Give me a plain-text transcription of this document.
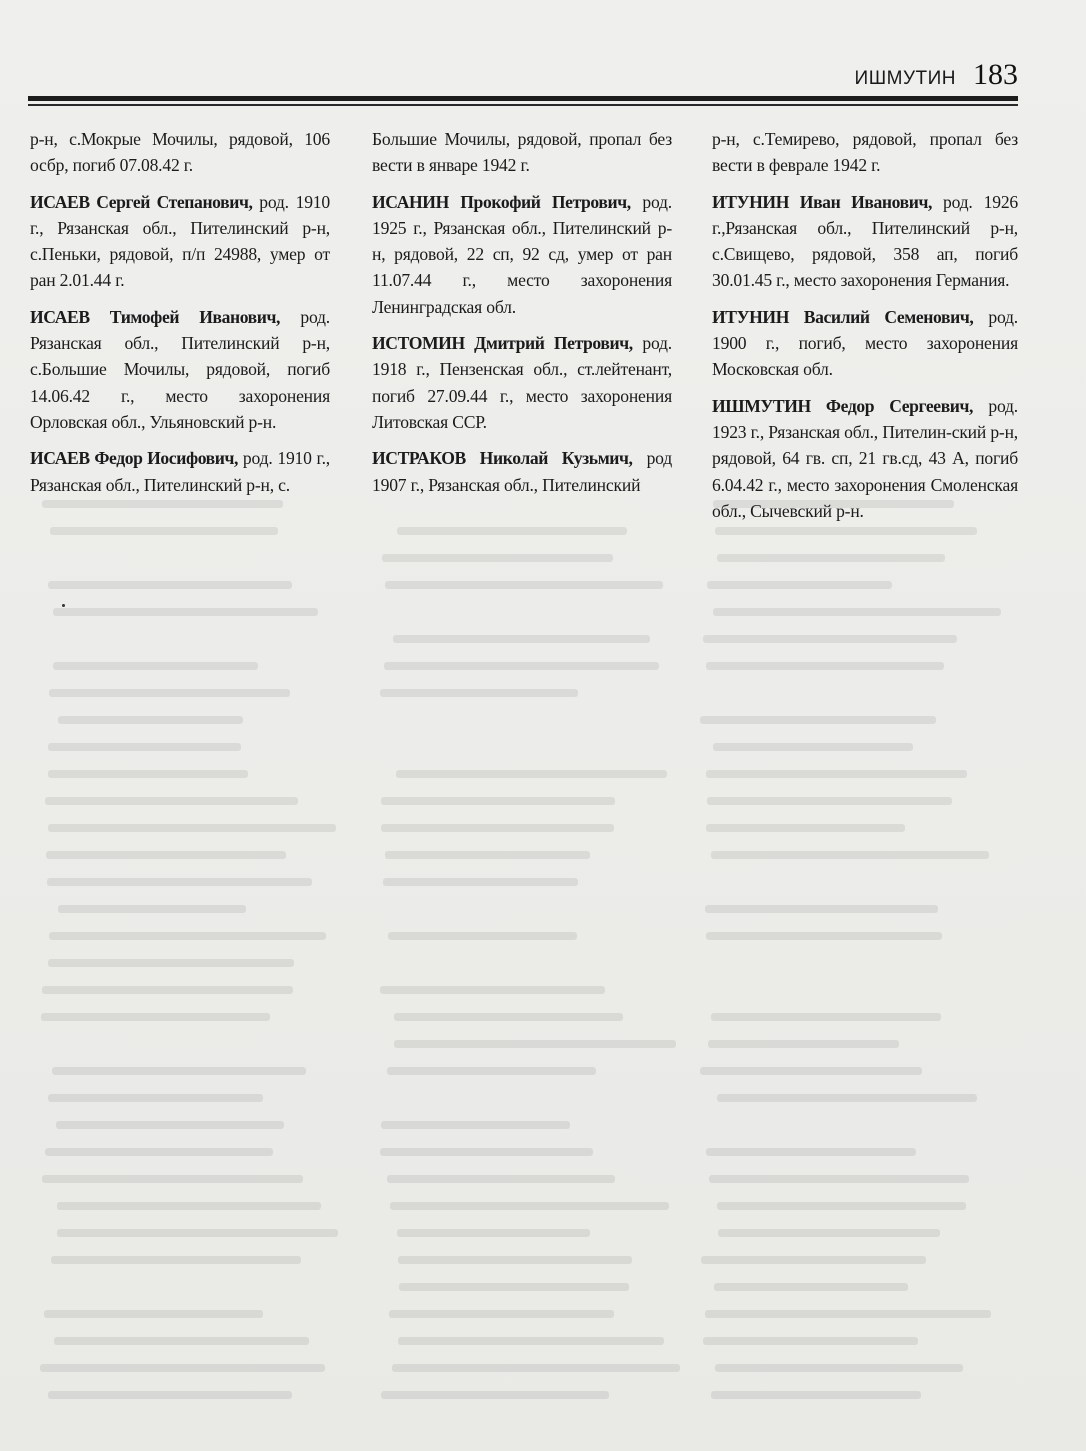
ИШМУТИН 183

р-н, с.Мокрые Мочилы, рядовой, 106 осбр, погиб 07.08.42 г.

ИСАЕВ Сергей Степанович, род. 1910 г., Рязанская обл., Пителинский р-н, с.Пеньки, рядовой, п/п 24988, умер от ран 2.01.44 г.

ИСАЕВ Тимофей Иванович, род. Рязанская обл., Пителинский р-н, с.Большие Мочилы, рядовой, погиб 14.06.42 г., место захоронения Орловская обл., Ульяновский р-н.

ИСАЕВ Федор Иосифович, род. 1910 г., Рязанская обл., Пителинский р-н, с.

Большие Мочилы, рядовой, пропал без вести в январе 1942 г.

ИСАНИН Прокофий Петрович, род. 1925 г., Рязанская обл., Пителинский р-н, рядовой, 22 сп, 92 сд, умер от ран 11.07.44 г., место захоронения Ленинградская обл.

ИСТОМИН Дмитрий Петрович, род. 1918 г., Пензенская обл., ст.лейтенант, погиб 27.09.44 г., место захоронения Литовская ССР.

ИСТРАКОВ Николай Кузьмич, род 1907 г., Рязанская обл., Пителинский

р-н, с.Темирево, рядовой, пропал без вести в феврале 1942 г.

ИТУНИН Иван Иванович, род. 1926 г.,Рязанская обл., Пителинский р-н, с.Свищево, рядовой, 358 ап, погиб 30.01.45 г., место захоронения Германия.

ИТУНИН Василий Семенович, род. 1900 г., погиб, место захоронения Московская обл.

ИШМУТИН Федор Сергеевич, род. 1923 г., Рязанская обл., Пителин-ский р-н, рядовой, 64 гв. сп, 21 гв.сд, 43 А, погиб 6.04.42 г., место захоронения Смоленская обл., Сычевский р-н.
